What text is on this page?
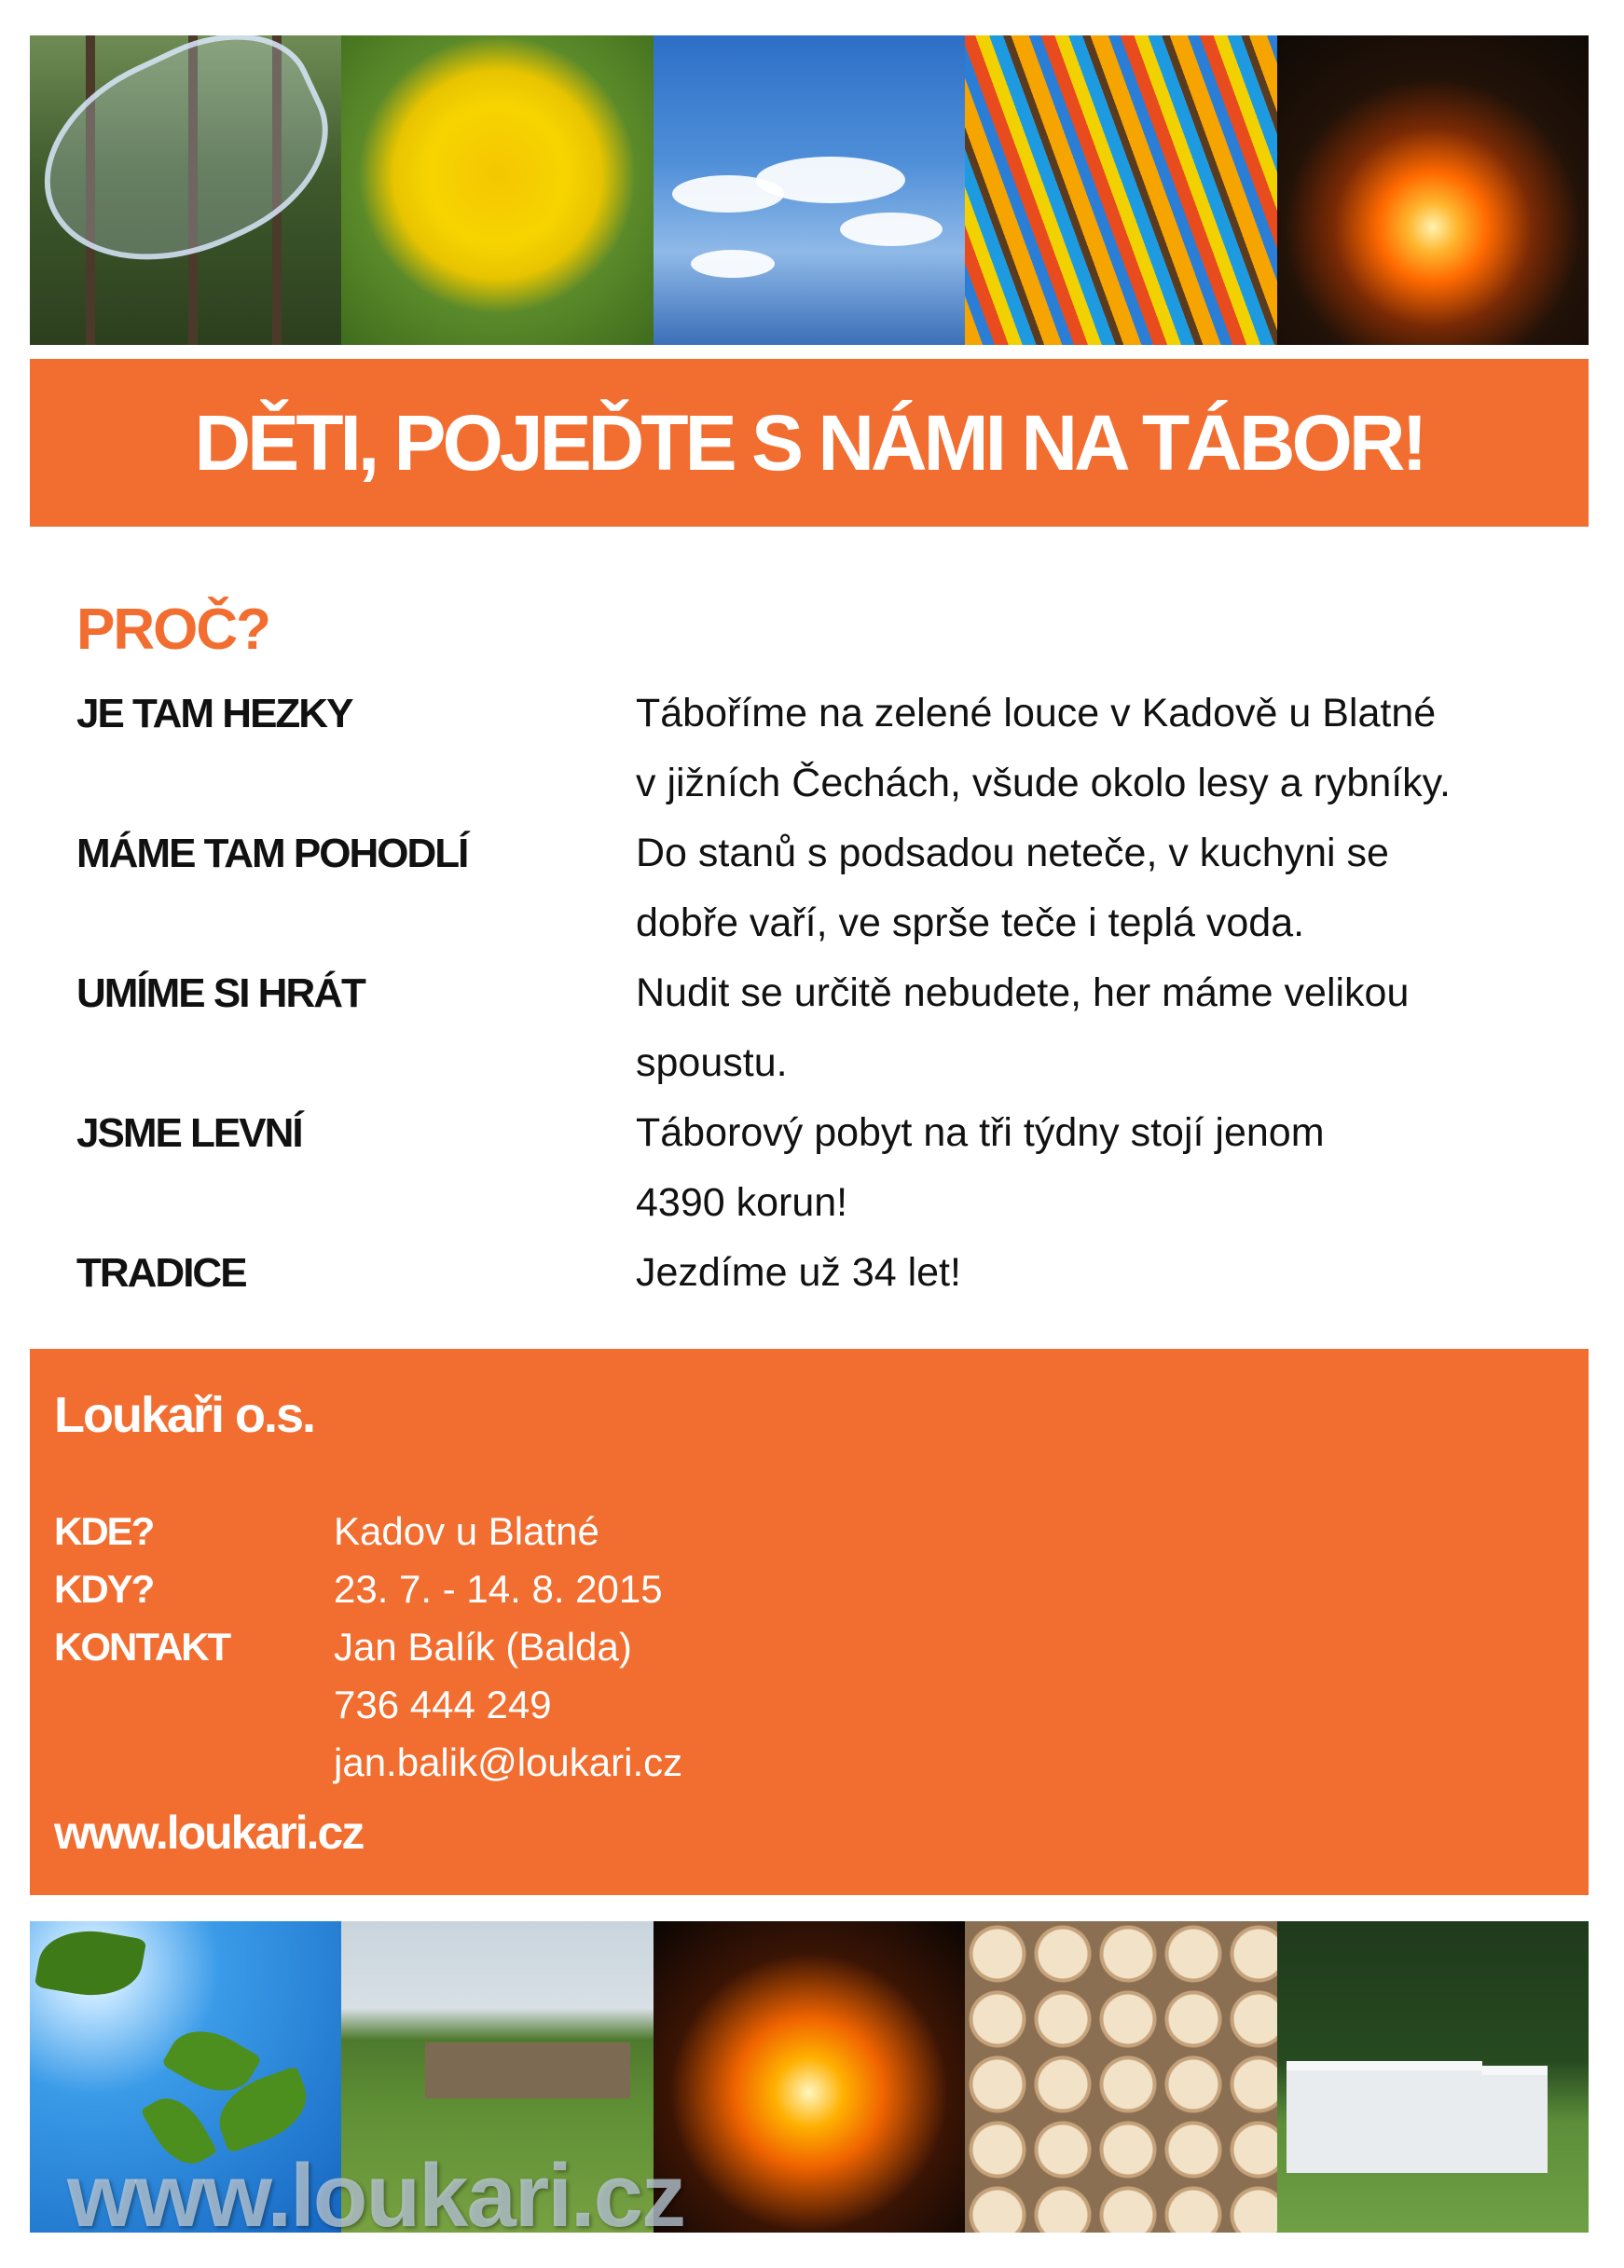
DĚTI, POJEĎTE S NÁMI NA TÁBOR!
PROČ?
JE TAM HEZKY	Táboříme na zelené louce v Kadově u Blatné
v jižních Čechách, všude okolo lesy a rybníky.
MÁME TAM POHODLÍ	Do stanů s podsadou neteče, v kuchyni se
dobře vaří, ve sprše teče i teplá voda.
UMÍME SI HRÁT	Nudit se určitě nebudete, her máme velikou
spoustu.
JSME LEVNÍ	Táborový pobyt na tři týdny stojí jenom
4390 korun!
TRADICE	Jezdíme už 34 let!
Loukaři o.s.
KDE?	Kadov u Blatné
KDY?	23. 7. - 14. 8. 2015
KONTAKT	Jan Balík (Balda)
736 444 249
jan.balik@loukari.cz
www.loukari.cz
www.loukari.cz
